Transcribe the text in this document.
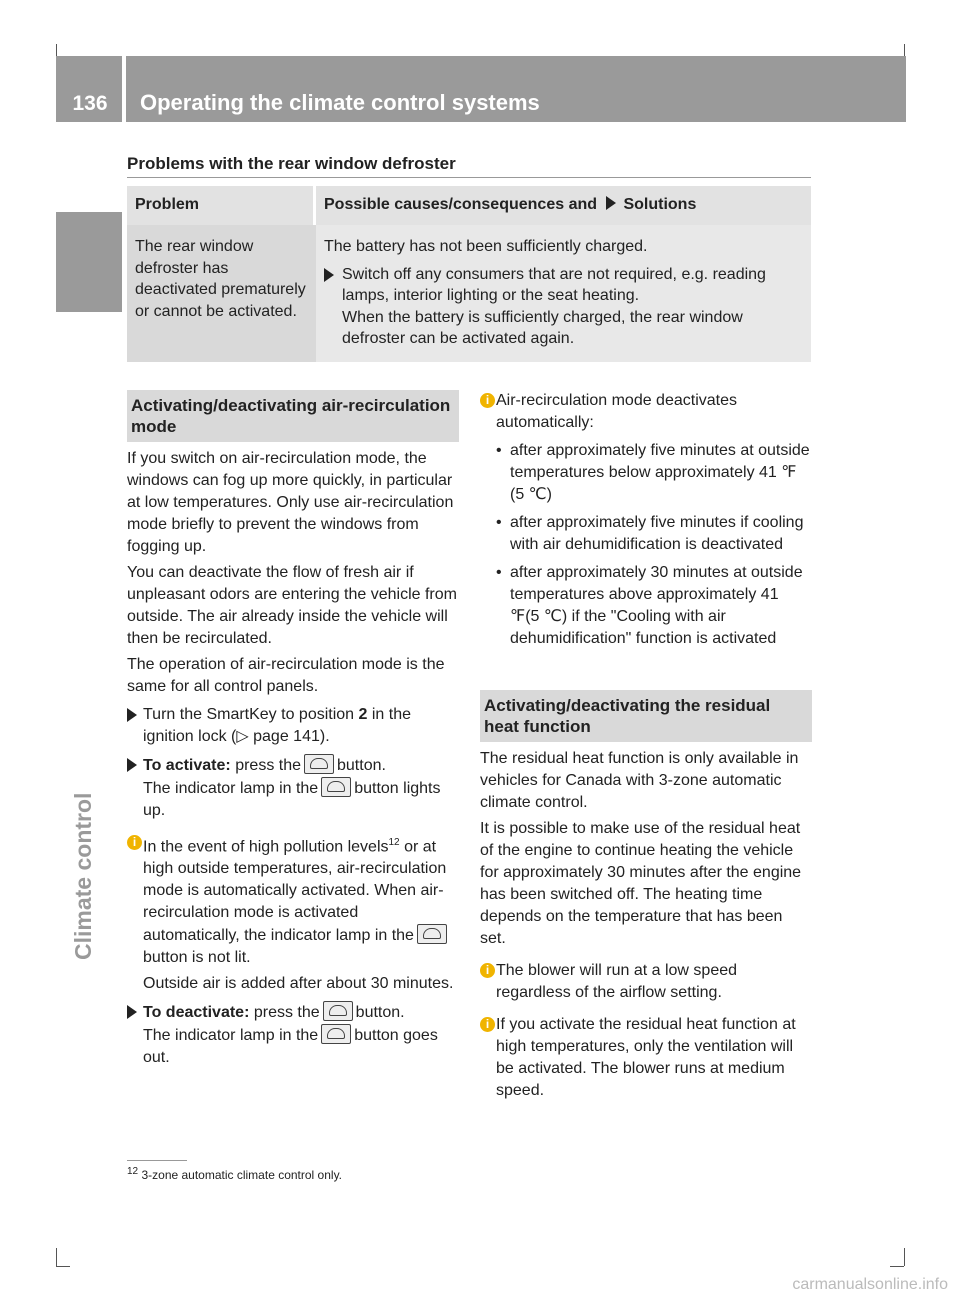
136	Operating the climate control systems
Climate control
Problems with the rear window defroster
Problem	Possible causes/consequences and Solutions
The rear window defroster has deactivated prematurely or cannot be activated.	The battery has not been sufficiently charged.
Switch off any consumers that are not required, e.g. reading lamps, interior lighting or the seat heating.
When the battery is sufficiently charged, the rear window defroster can be activated again.
Activating/deactivating air-recirculation mode

If you switch on air-recirculation mode, the windows can fog up more quickly, in particular at low temperatures. Only use air-recirculation mode briefly to prevent the windows from fogging up.

You can deactivate the flow of fresh air if unpleasant odors are entering the vehicle from outside. The air already inside the vehicle will then be recirculated.

The operation of air-recirculation mode is the same for all control panels.

Turn the SmartKey to position 2 in the ignition lock (▷ page 141).
To activate: press the button.
The indicator lamp in the button lights up.
i In the event of high pollution levels$^{12}$ or at high outside temperatures, air-recirculation mode is automatically activated. When air-recirculation mode is activated automatically, the indicator lamp in thebutton is not lit.
Outside air is added after about 30 minutes.
To deactivate: press the button.
The indicator lamp in the button goes out.
i Air-recirculation mode deactivates automatically:
• after approximately five minutes at outside temperatures below approximately 41 ℉ (5 ℃)
• after approximately five minutes if cooling with air dehumidification is deactivated
• after approximately 30 minutes at outside temperatures above approximately 41 ℉(5 ℃) if the "Cooling with air dehumidification" function is activated
Activating/deactivating the residual heat function

The residual heat function is only available in vehicles for Canada with 3-zone automatic climate control.

It is possible to make use of the residual heat of the engine to continue heating the vehicle for approximately 30 minutes after the engine has been switched off. The heating time depends on the temperature that has been set.

i The blower will run at a low speed regardless of the airflow setting.
i If you activate the residual heat function at high temperatures, only the ventilation will be activated. The blower runs at medium speed.
$^{12}$ 3-zone automatic climate control only.
carmanualsonline.info
